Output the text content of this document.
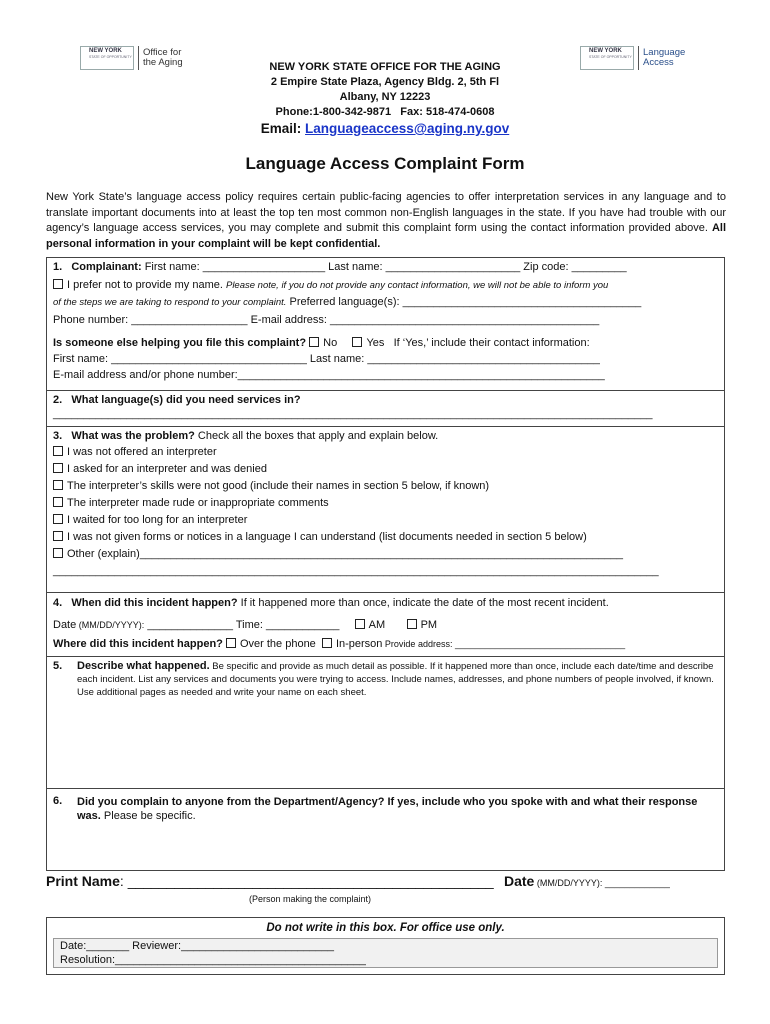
NEW YORK
STATE OF OPPORTUNITY Office for
the Aging
NEW YORK
STATE OF OPPORTUNITY Language
Access
NEW YORK STATE OFFICE FOR THE AGING
2 Empire State Plaza, Agency Bldg. 2, 5th Fl
Albany, NY 12223
Phone:1-800-342-9871   Fax: 518-474-0608
Email: Languageaccess@aging.ny.gov
Language Access Complaint Form
New York State’s language access policy requires certain public-facing agencies to offer interpretation services in any language and to translate important documents into at least the top ten most common non-English languages in the state. If you have had trouble with our agency’s language access services, you may complete and submit this complaint form using the contact information provided above. All personal information in your complaint will be kept confidential.
1. Complainant: First name: ____________________ Last name: ______________________ Zip code: _________
I prefer not to provide my name. Please note, if you do not provide any contact information, we will not be able to inform you
of the steps we are taking to respond to your complaint. Preferred language(s): _______________________________________
Phone number: ___________________ E-mail address: ____________________________________________
Is someone else helping you file this complaint? No	Yes If ‘Yes,’ include their contact information:
First name: ________________________________ Last name: ______________________________________
E-mail address and/or phone number:____________________________________________________________
2. What language(s) did you need services in?
__________________________________________________________________________________________________
3. What was the problem? Check all the boxes that apply and explain below.
I was not offered an interpreter
I asked for an interpreter and was denied
The interpreter’s skills were not good (include their names in section 5 below, if known)
The interpreter made rude or inappropriate comments
I waited for too long for an interpreter
I was not given forms or notices in a language I can understand (list documents needed in section 5 below)
Other (explain)_______________________________________________________________________________
___________________________________________________________________________________________________
4. When did this incident happen? If it happened more than once, indicate the date of the most recent incident.
Date (MM/DD/YYYY): ______________ Time: ____________	AM	PM
Where did this incident happen? Over the phone In-person Provide address: __________________________________
5. Describe what happened. Be specific and provide as much detail as possible. If it happened more than once, include each date/time and describe each incident. List any services and documents you were trying to access. Include names, addresses, and phone numbers of people involved, if known. Use additional pages as needed and write your name on each sheet.
6. Did you complain to anyone from the Department/Agency? If yes, include who you spoke with and what their response was. Please be specific.
Print Name: _______________________________________________ Date (MM/DD/YYYY): _____________
(Person making the complaint)
Do not write in this box. For office use only.
Date:_______ Reviewer:_________________________
Resolution:_________________________________________
